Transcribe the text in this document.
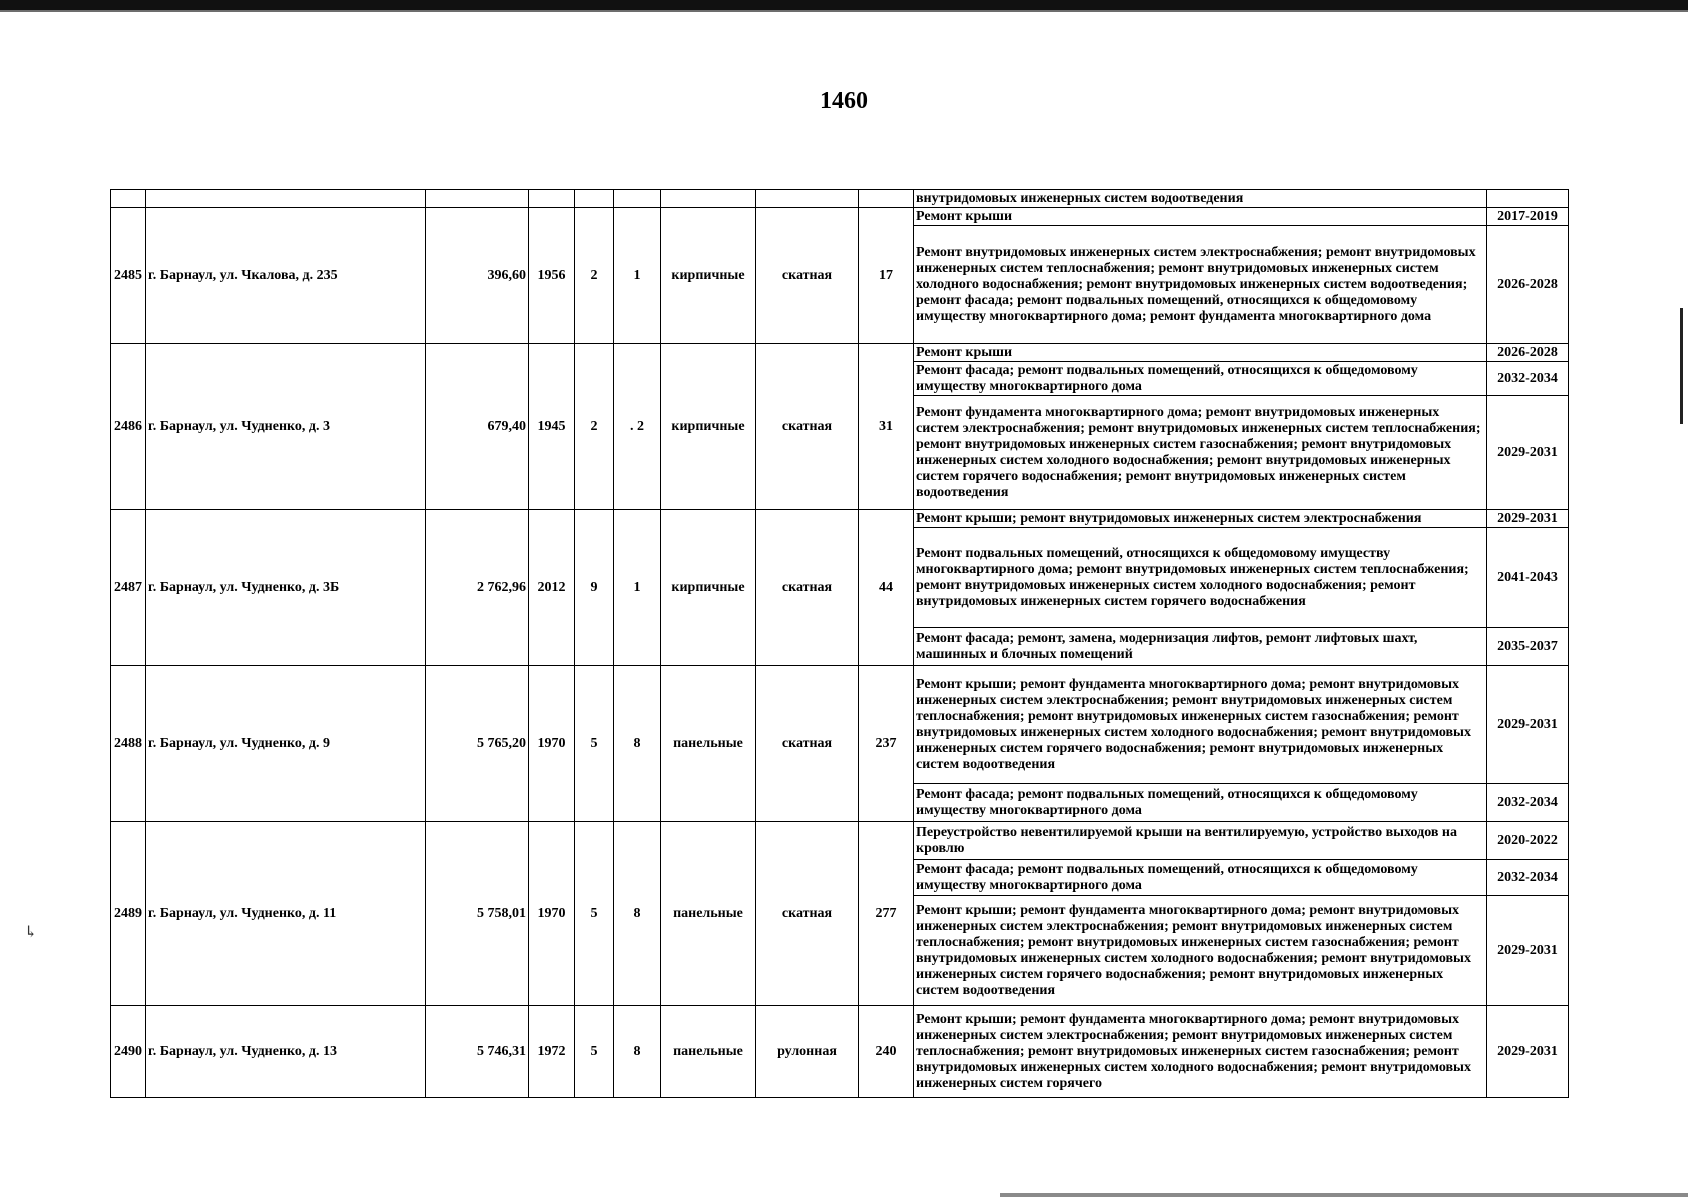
↳
1460
									внутридомовых инженерных систем водоотведения	
2485	г. Барнаул, ул. Чкалова, д. 235	396,60	1956	2	1	кирпичные	скатная	17	Ремонт крыши	2017-2019
									Ремонт внутридомовых инженерных систем электроснабжения; ремонт внутридомовых инженерных систем теплоснабжения; ремонт внутридомовых инженерных систем холодного водоснабжения; ремонт внутридомовых инженерных систем водоотведения; ремонт фасада; ремонт подвальных помещений, относящихся к общедомовому имуществу многоквартирного дома; ремонт фундамента многоквартирного дома	2026-2028
2486	г. Барнаул, ул. Чудненко, д. 3	679,40	1945	2	. 2	кирпичные	скатная	31	Ремонт крыши	2026-2028
									Ремонт фасада; ремонт подвальных помещений, относящихся к общедомовому имуществу многоквартирного дома	2032-2034
									Ремонт фундамента многоквартирного дома; ремонт внутридомовых инженерных систем электроснабжения; ремонт внутридомовых инженерных систем теплоснабжения; ремонт внутридомовых инженерных систем газоснабжения; ремонт внутридомовых инженерных систем холодного водоснабжения; ремонт внутридомовых инженерных систем горячего водоснабжения; ремонт внутридомовых инженерных систем водоотведения	2029-2031
2487	г. Барнаул, ул. Чудненко, д. 3Б	2 762,96	2012	9	1	кирпичные	скатная	44	Ремонт крыши; ремонт внутридомовых инженерных систем электроснабжения	2029-2031
									Ремонт подвальных помещений, относящихся к общедомовому имуществу многоквартирного дома; ремонт внутридомовых инженерных систем теплоснабжения; ремонт внутридомовых инженерных систем холодного водоснабжения; ремонт внутридомовых инженерных систем горячего водоснабжения	2041-2043
									Ремонт фасада; ремонт, замена, модернизация лифтов, ремонт лифтовых шахт, машинных и блочных помещений	2035-2037
2488	г. Барнаул, ул. Чудненко, д. 9	5 765,20	1970	5	8	панельные	скатная	237	Ремонт крыши; ремонт фундамента многоквартирного дома; ремонт внутридомовых инженерных систем электроснабжения; ремонт внутридомовых инженерных систем теплоснабжения; ремонт внутридомовых инженерных систем газоснабжения; ремонт внутридомовых инженерных систем холодного водоснабжения; ремонт внутридомовых инженерных систем горячего водоснабжения; ремонт внутридомовых инженерных систем водоотведения	2029-2031
									Ремонт фасада; ремонт подвальных помещений, относящихся к общедомовому имуществу многоквартирного дома	2032-2034
2489	г. Барнаул, ул. Чудненко, д. 11	5 758,01	1970	5	8	панельные	скатная	277	Переустройство невентилируемой крыши на вентилируемую, устройство выходов на кровлю	2020-2022
									Ремонт фасада; ремонт подвальных помещений, относящихся к общедомовому имуществу многоквартирного дома	2032-2034
									Ремонт крыши; ремонт фундамента многоквартирного дома; ремонт внутридомовых инженерных систем электроснабжения; ремонт внутридомовых инженерных систем теплоснабжения; ремонт внутридомовых инженерных систем газоснабжения; ремонт внутридомовых инженерных систем холодного водоснабжения; ремонт внутридомовых инженерных систем горячего водоснабжения; ремонт внутридомовых инженерных систем водоотведения	2029-2031
2490	г. Барнаул, ул. Чудненко, д. 13	5 746,31	1972	5	8	панельные	рулонная	240	Ремонт крыши; ремонт фундамента многоквартирного дома; ремонт внутридомовых инженерных систем электроснабжения; ремонт внутридомовых инженерных систем теплоснабжения; ремонт внутридомовых инженерных систем газоснабжения; ремонт внутридомовых инженерных систем холодного водоснабжения; ремонт внутридомовых инженерных систем горячего	2029-2031
